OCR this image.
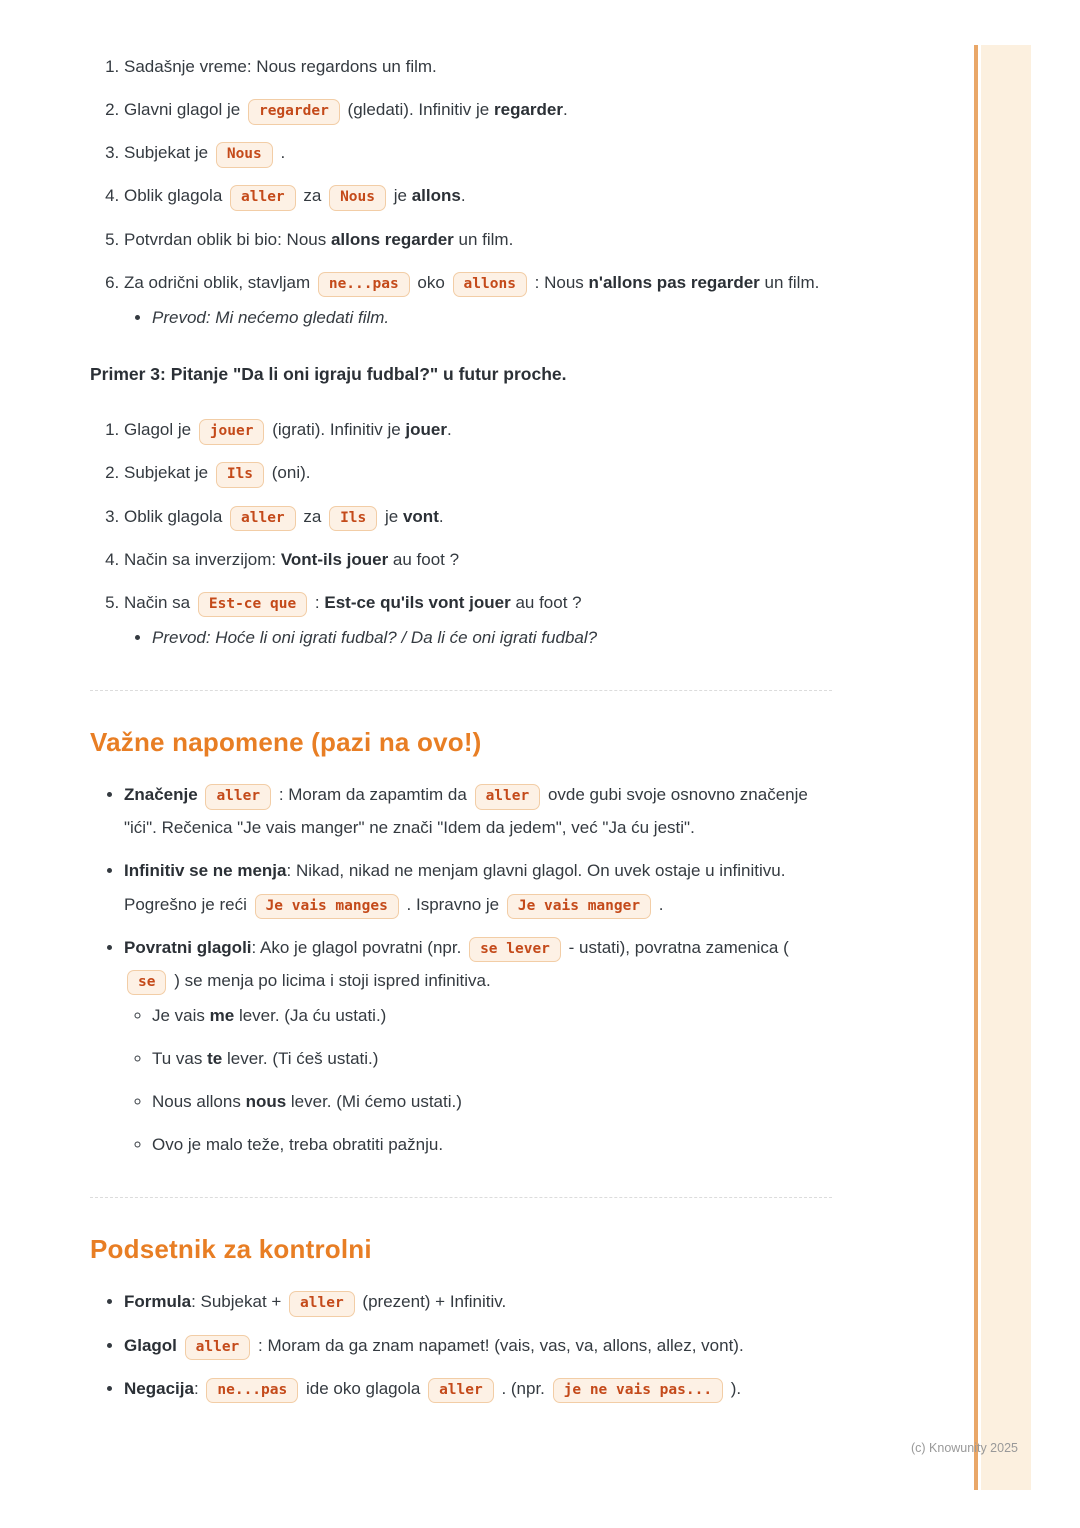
1. Sadašnje vreme: Nous regardons un film.
2. Glavni glagol je regarder (gledati). Infinitiv je regarder.
3. Subjekat je Nous .
4. Oblik glagola aller za Nous je allons.
5. Potvrdan oblik bi bio: Nous allons regarder un film.
6. Za odrični oblik, stavljam ne...pas oko allons : Nous n'allons pas regarder un film.
• Prevod: Mi nećemo gledati film.
Primer 3: Pitanje "Da li oni igraju fudbal?" u futur proche.
1. Glagol je jouer (igrati). Infinitiv je jouer.
2. Subjekat je Ils (oni).
3. Oblik glagola aller za Ils je vont.
4. Način sa inverzijom: Vont-ils jouer au foot ?
5. Način sa Est-ce que : Est-ce qu'ils vont jouer au foot ?
• Prevod: Hoće li oni igrati fudbal? / Da li će oni igrati fudbal?
Važne napomene (pazi na ovo!)
• Značenje aller : Moram da zapamtim da aller ovde gubi svoje osnovno značenje "ići". Rečenica "Je vais manger" ne znači "Idem da jedem", već "Ja ću jesti".
• Infinitiv se ne menja: Nikad, nikad ne menjam glavni glagol. On uvek ostaje u infinitivu. Pogrešno je reći Je vais manges . Ispravno je Je vais manger .
• Povratni glagoli: Ako je glagol povratni (npr. se lever - ustati), povratna zamenica ( se ) se menja po licima i stoji ispred infinitiva.
◦ Je vais me lever. (Ja ću ustati.)
◦ Tu vas te lever. (Ti ćeš ustati.)
◦ Nous allons nous lever. (Mi ćemo ustati.)
◦ Ovo je malo teže, treba obratiti pažnju.
Podsetnik za kontrolni
• Formula: Subjekat + aller (prezent) + Infinitiv.
• Glagol aller : Moram da ga znam napamet! (vais, vas, va, allons, allez, vont).
• Negacija: ne...pas ide oko glagola aller . (npr. je ne vais pas... ).
(c) Knowunity 2025
